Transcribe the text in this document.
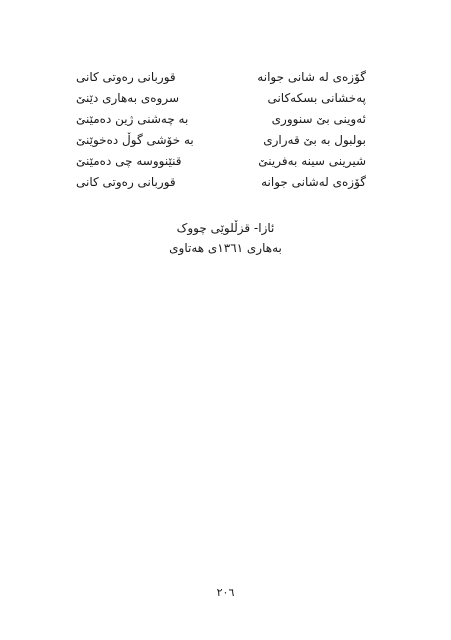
گۆزەی لە شانی جوانە
قوربانی رەوتی کانی
پەخشانی بسکەکانی
سروەی بەهاری دێنێ
ئەوینی بێ سنووری
بە چەشنی ژین دەمێنێ
بولبول بە بێ قەراری
بە خۆشی گوڵ دەخوێنێ
شیرینی سینە بەفرینێ
قنێنووسە چی دەمێنێ
گۆزەی لەشانی جوانە
قوربانی رەوتی کانی
ئازا- قزڵلوێی چووک
بەهاری ١٣٦١ی هەتاوی
٢٠٦
